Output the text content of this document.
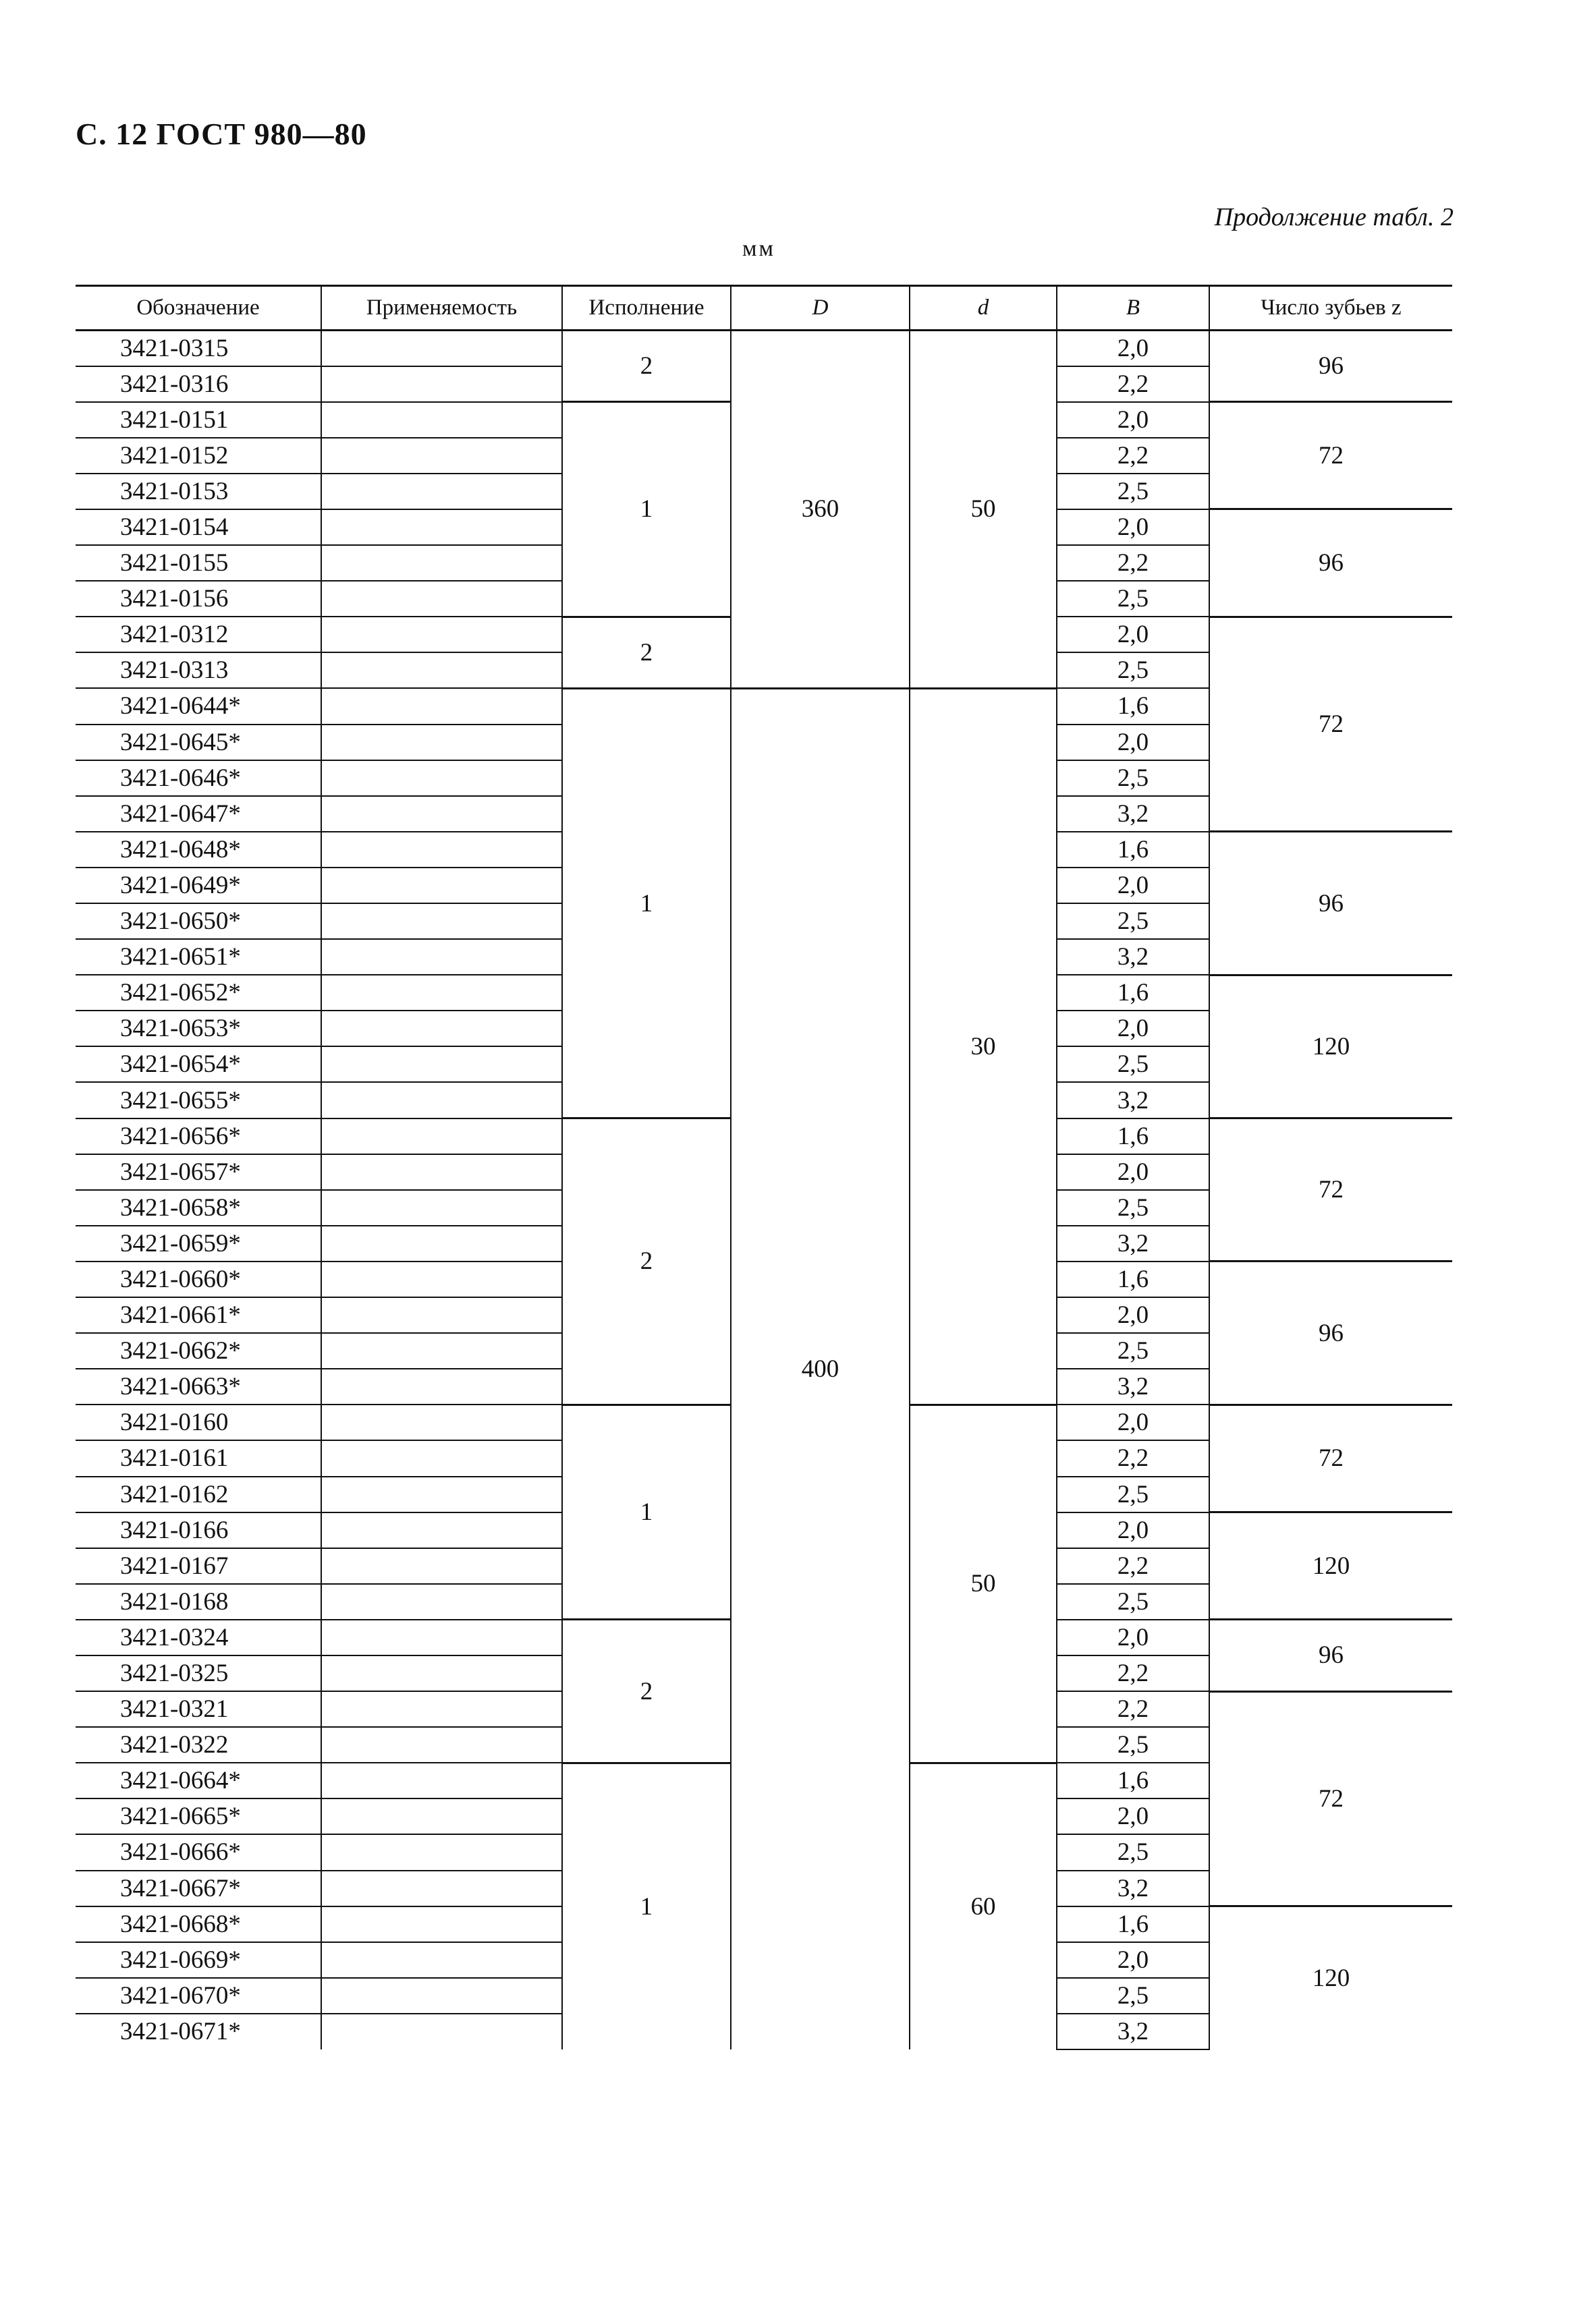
С. 12 ГОСТ 980—80
Продолжение табл. 2
мм
Обозначение	Применяемость	Исполнение	D	d	B	Число зубьев z
3421-0315		2	360	50	2,0	96
3421-0316					2,2	
3421-0151		1			2,0	72
3421-0152					2,2	
3421-0153					2,5	
3421-0154					2,0	96
3421-0155					2,2	
3421-0156					2,5	
3421-0312		2			2,0	72
3421-0313					2,5	
3421-0644*		1	400	30	1,6	
3421-0645*					2,0	
3421-0646*					2,5	
3421-0647*					3,2	
3421-0648*					1,6	96
3421-0649*					2,0	
3421-0650*					2,5	
3421-0651*					3,2	
3421-0652*					1,6	120
3421-0653*					2,0	
3421-0654*					2,5	
3421-0655*					3,2	
3421-0656*		2			1,6	72
3421-0657*					2,0	
3421-0658*					2,5	
3421-0659*					3,2	
3421-0660*					1,6	96
3421-0661*					2,0	
3421-0662*					2,5	
3421-0663*					3,2	
3421-0160		1		50	2,0	72
3421-0161					2,2	
3421-0162					2,5	
3421-0166					2,0	120
3421-0167					2,2	
3421-0168					2,5	
3421-0324		2			2,0	96
3421-0325					2,2	
3421-0321					2,2	72
3421-0322					2,5	
3421-0664*		1		60	1,6	
3421-0665*					2,0	
3421-0666*					2,5	
3421-0667*					3,2	
3421-0668*					1,6	120
3421-0669*					2,0	
3421-0670*					2,5	
3421-0671*					3,2	
